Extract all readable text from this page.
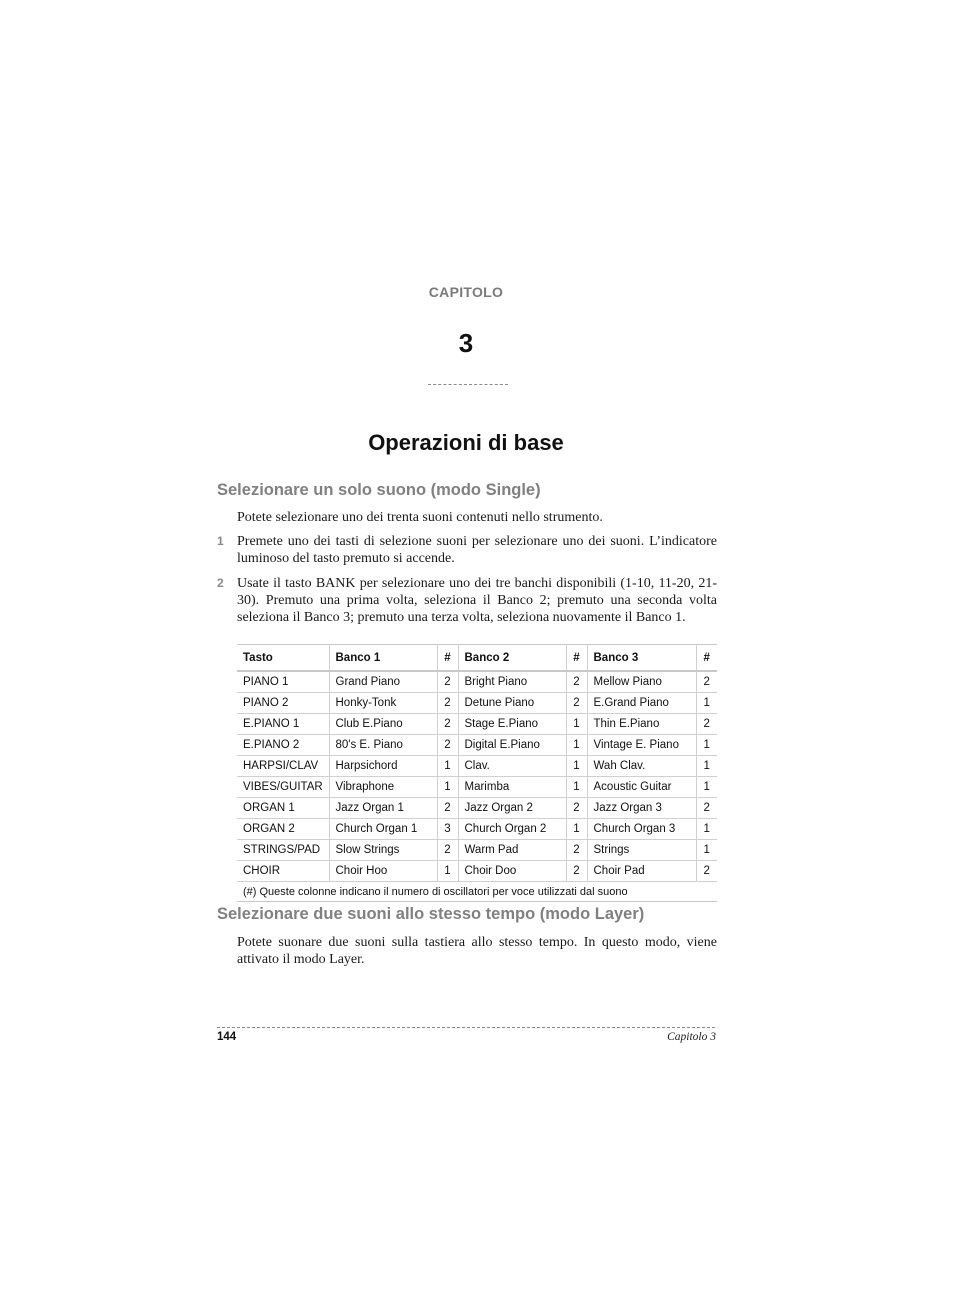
CAPITOLO
3
Operazioni di base
Selezionare un solo suono (modo Single)
Potete selezionare uno dei trenta suoni contenuti nello strumento.
1 Premete uno dei tasti di selezione suoni per selezionare uno dei suoni. L’indicatore luminoso del tasto premuto si accende.
2 Usate il tasto BANK per selezionare uno dei tre banchi disponibili (1-10, 11-20, 21-30). Premuto una prima volta, seleziona il Banco 2; premuto una seconda volta seleziona il Banco 3; premuto una terza volta, seleziona nuovamente il Banco 1.
Tasto	Banco 1	#	Banco 2	#	Banco 3	#
PIANO 1	Grand Piano	2	Bright Piano	2	Mellow Piano	2
PIANO 2	Honky-Tonk	2	Detune Piano	2	E.Grand Piano	1
E.PIANO 1	Club E.Piano	2	Stage E.Piano	1	Thin E.Piano	2
E.PIANO 2	80's E. Piano	2	Digital E.Piano	1	Vintage E. Piano	1
HARPSI/CLAV	Harpsichord	1	Clav.	1	Wah Clav.	1
VIBES/GUITAR	Vibraphone	1	Marimba	1	Acoustic Guitar	1
ORGAN 1	Jazz Organ 1	2	Jazz Organ 2	2	Jazz Organ 3	2
ORGAN 2	Church Organ 1	3	Church Organ 2	1	Church Organ 3	1
STRINGS/PAD	Slow Strings	2	Warm Pad	2	Strings	1
CHOIR	Choir Hoo	1	Choir Doo	2	Choir Pad	2
(#) Queste colonne indicano il numero di oscillatori per voce utilizzati dal suono						
Selezionare due suoni allo stesso tempo (modo Layer)
Potete suonare due suoni sulla tastiera allo stesso tempo. In questo modo, viene attivato il modo Layer.
144	Capitolo 3
